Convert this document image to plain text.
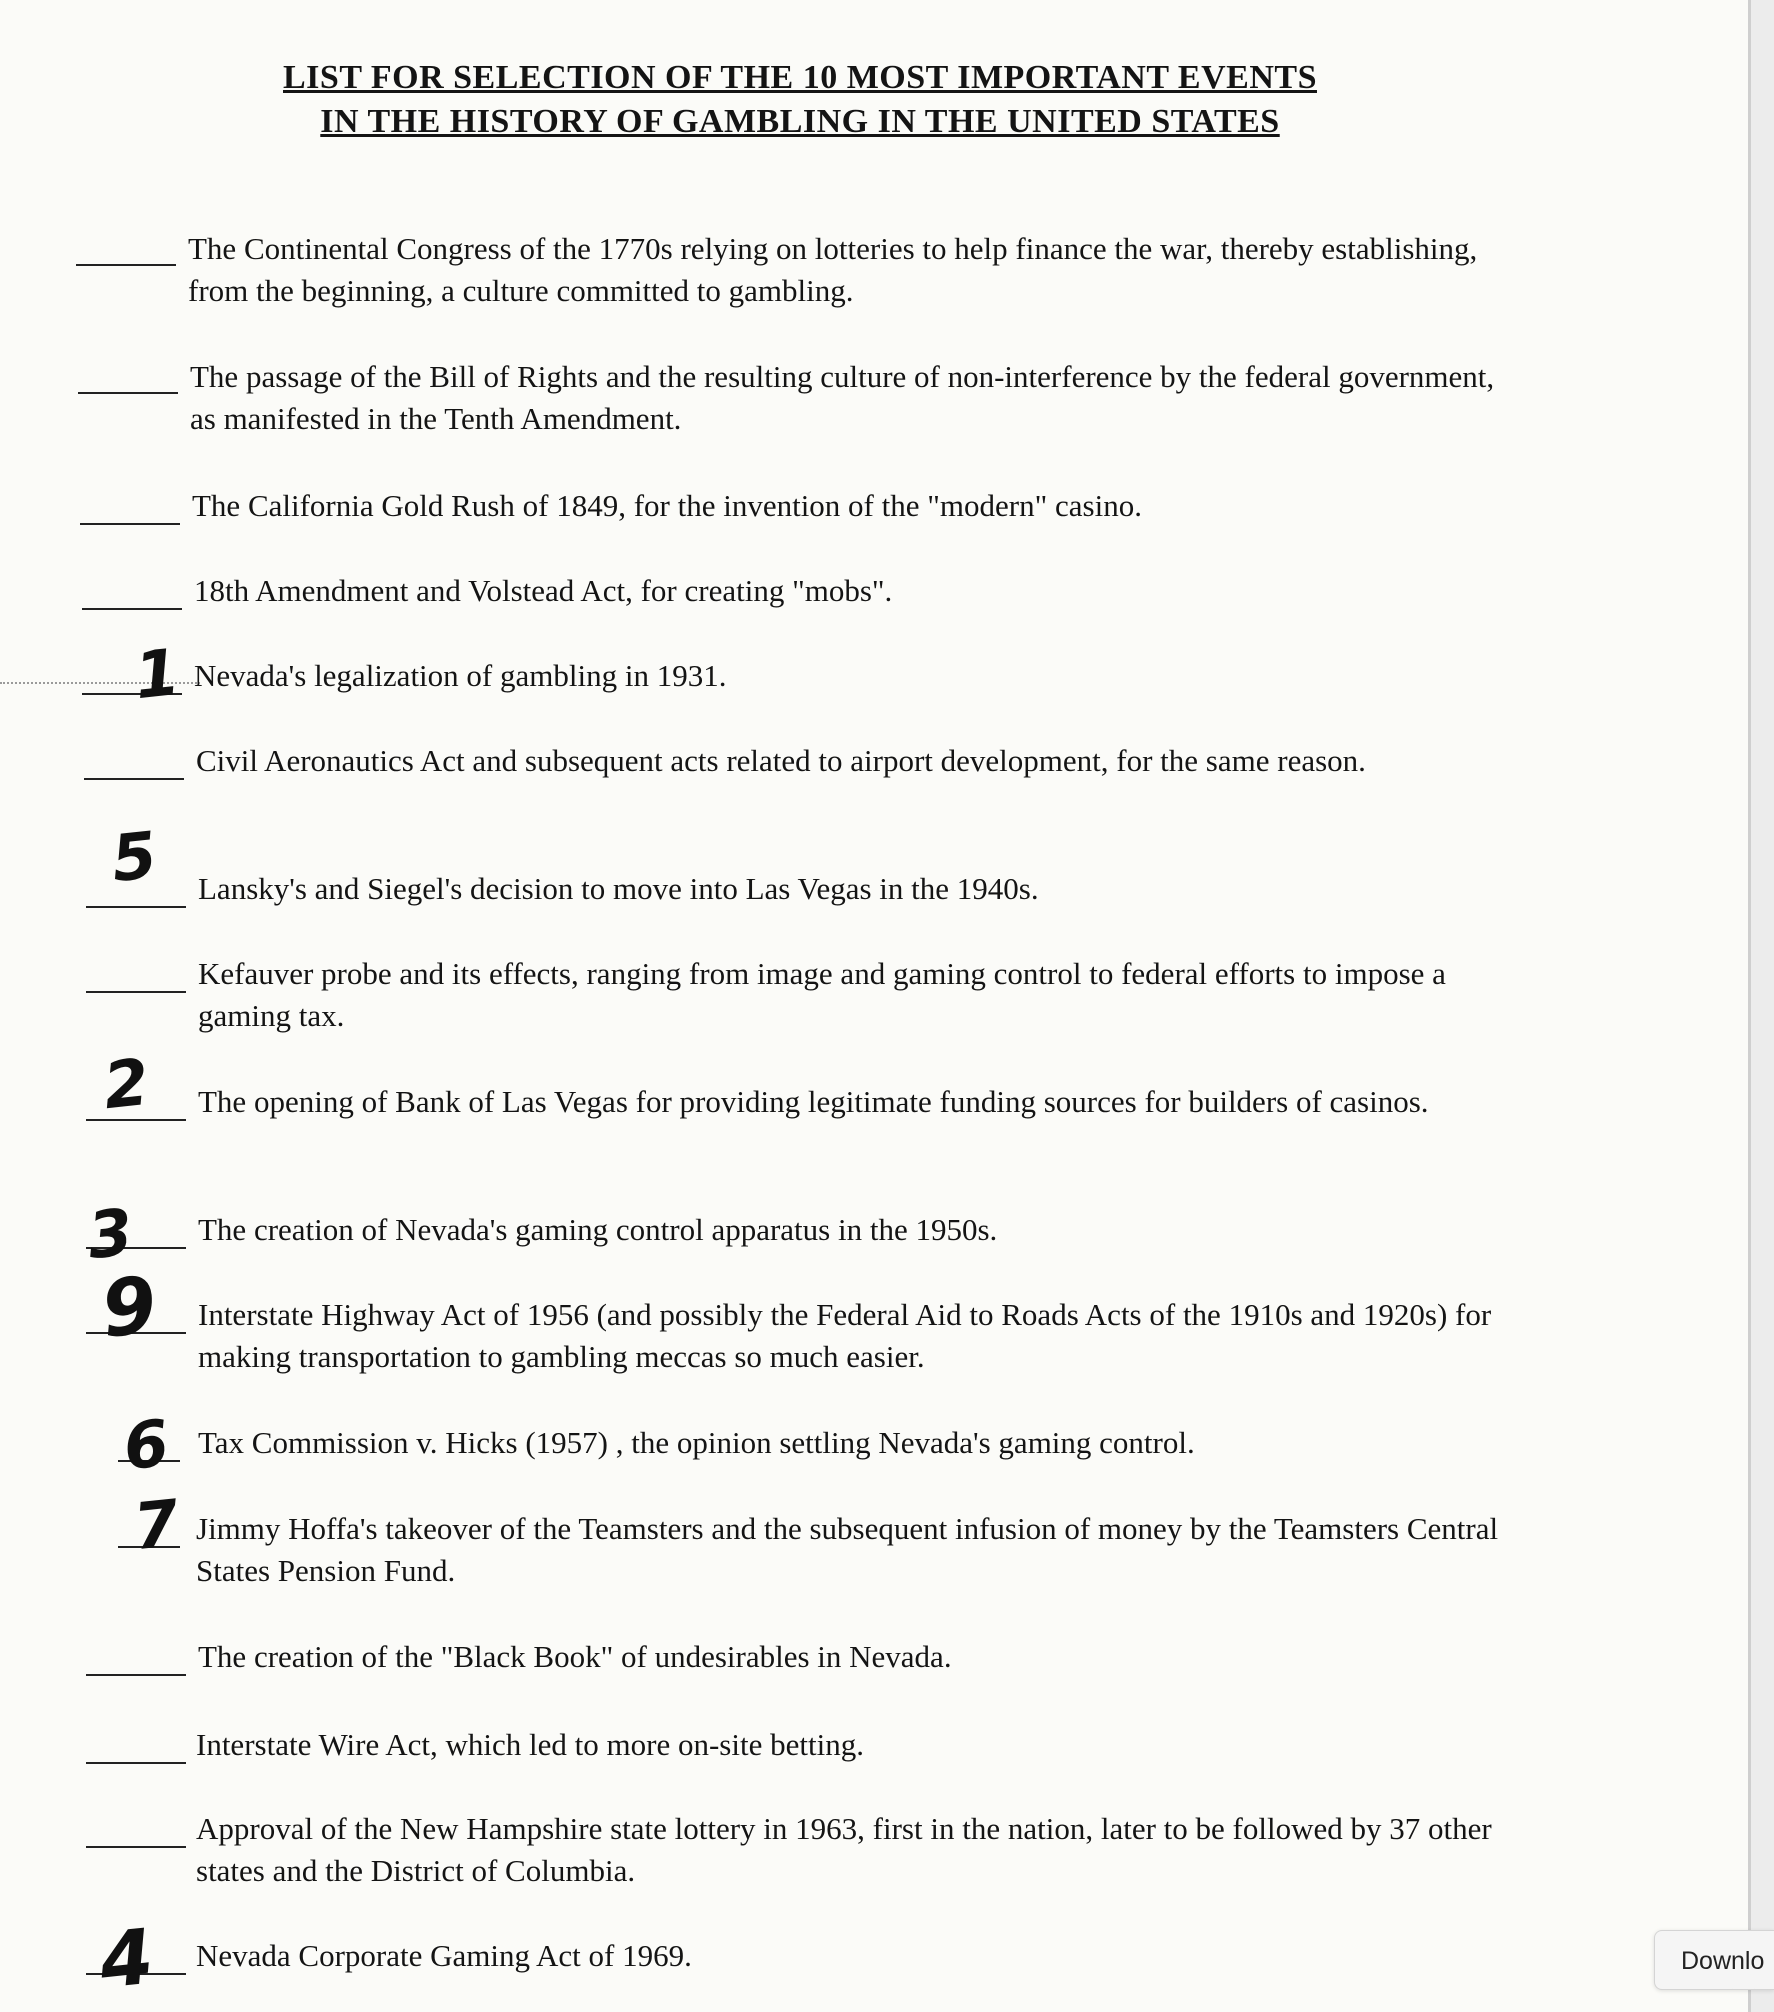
LIST FOR SELECTION OF THE 10 MOST IMPORTANT EVENTS
IN THE HISTORY OF GAMBLING IN THE UNITED STATES
The Continental Congress of the 1770s relying on lotteries to help finance the war, thereby establishing, from the beginning, a culture committed to gambling.
The passage of the Bill of Rights and the resulting culture of non-interference by the federal government, as manifested in the Tenth Amendment.
The California Gold Rush of 1849, for the invention of the "modern" casino.
18th Amendment and Volstead Act, for creating "mobs".
1 Nevada's legalization of gambling in 1931.
Civil Aeronautics Act and subsequent acts related to airport development, for the same reason.
5 Lansky's and Siegel's decision to move into Las Vegas in the 1940s.
Kefauver probe and its effects, ranging from image and gaming control to federal efforts to impose a gaming tax.
2 The opening of Bank of Las Vegas for providing legitimate funding sources for builders of casinos.
3 The creation of Nevada's gaming control apparatus in the 1950s.
9 Interstate Highway Act of 1956 (and possibly the Federal Aid to Roads Acts of the 1910s and 1920s) for making transportation to gambling meccas so much easier.
6 Tax Commission v. Hicks (1957) , the opinion settling Nevada's gaming control.
7 Jimmy Hoffa's takeover of the Teamsters and the subsequent infusion of money by the Teamsters Central States Pension Fund.
The creation of the "Black Book" of undesirables in Nevada.
Interstate Wire Act, which led to more on-site betting.
Approval of the New Hampshire state lottery in 1963, first in the nation, later to be followed by 37 other states and the District of Columbia.
4 Nevada Corporate Gaming Act of 1969.	Downlo
